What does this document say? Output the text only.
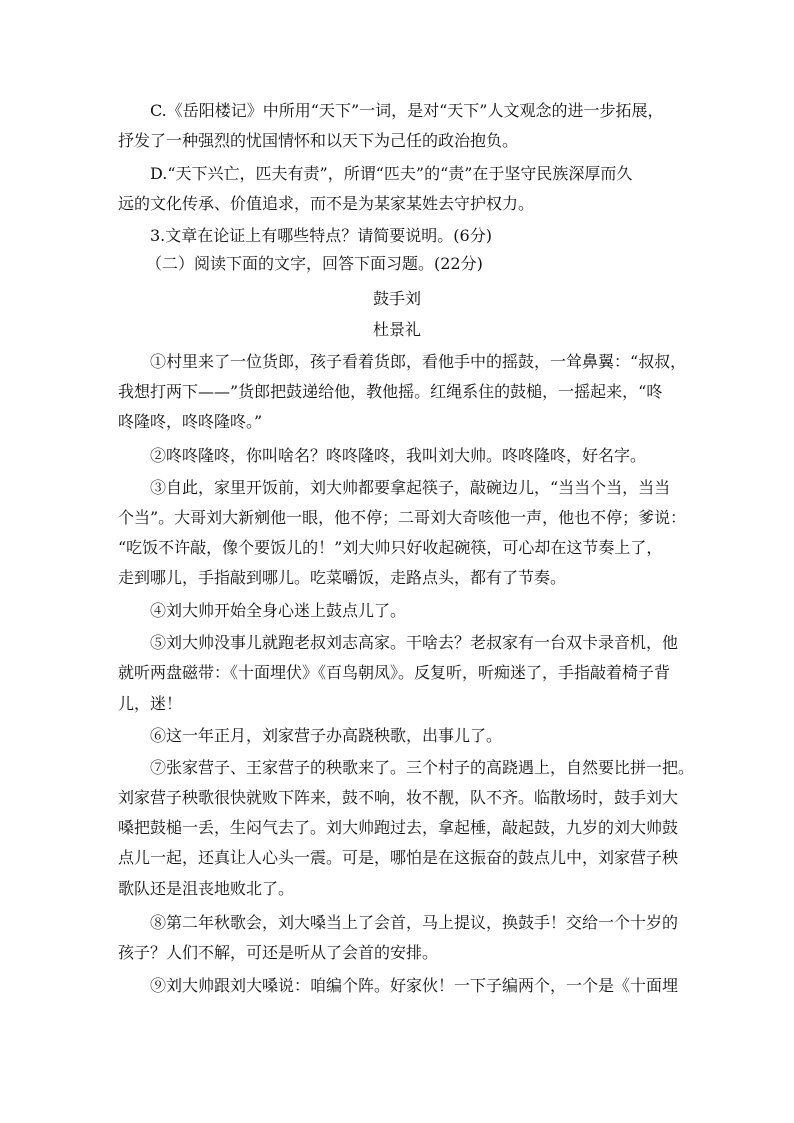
C.《岳阳楼记》中所用“天下”一词，是对“天下”人文观念的进一步拓展，
抒发了一种强烈的忧国情怀和以天下为己任的政治抱负。
D.“天下兴亡，匹夫有责”，所谓“匹夫”的“责”在于坚守民族深厚而久
远的文化传承、价值追求，而不是为某家某姓去守护权力。
3.文章在论证上有哪些特点？请简要说明。(6分)
（二）阅读下面的文字，回答下面习题。(22分)
鼓手刘
杜景礼
①村里来了一位货郎，孩子看着货郎，看他手中的摇鼓，一耸鼻翼：“叔叔，
我想打两下——”货郎把鼓递给他，教他摇。红绳系住的鼓槌，一摇起来，“咚
咚隆咚，咚咚隆咚。”
②咚咚隆咚，你叫啥名？咚咚隆咚，我叫刘大帅。咚咚隆咚，好名字。
③自此，家里开饭前，刘大帅都要拿起筷子，敲碗边儿，“当当个当，当当
个当”。大哥刘大新剜他一眼，他不停；二哥刘大奇咳他一声，他也不停；爹说：
“吃饭不许敲，像个要饭儿的！”刘大帅只好收起碗筷，可心却在这节奏上了，
走到哪儿，手指敲到哪儿。吃菜嚼饭，走路点头，都有了节奏。
④刘大帅开始全身心迷上鼓点儿了。
⑤刘大帅没事儿就跑老叔刘志高家。干啥去？老叔家有一台双卡录音机，他
就听两盘磁带：《十面埋伏》《百鸟朝凤》。反复听，听痴迷了，手指敲着椅子背
儿，迷！
⑥这一年正月，刘家营子办高跷秧歌，出事儿了。
⑦张家营子、王家营子的秧歌来了。三个村子的高跷遇上，自然要比拼一把。
刘家营子秧歌很快就败下阵来，鼓不响，妆不靓，队不齐。临散场时，鼓手刘大
嗓把鼓槌一丢，生闷气去了。刘大帅跑过去，拿起棰，敲起鼓，九岁的刘大帅鼓
点儿一起，还真让人心头一震。可是，哪怕是在这振奋的鼓点儿中，刘家营子秧
歌队还是沮丧地败北了。
⑧第二年秋歌会，刘大嗓当上了会首，马上提议，换鼓手！交给一个十岁的
孩子？人们不解，可还是听从了会首的安排。
⑨刘大帅跟刘大嗓说：咱编个阵。好家伙！一下子编两个，一个是《十面埋
